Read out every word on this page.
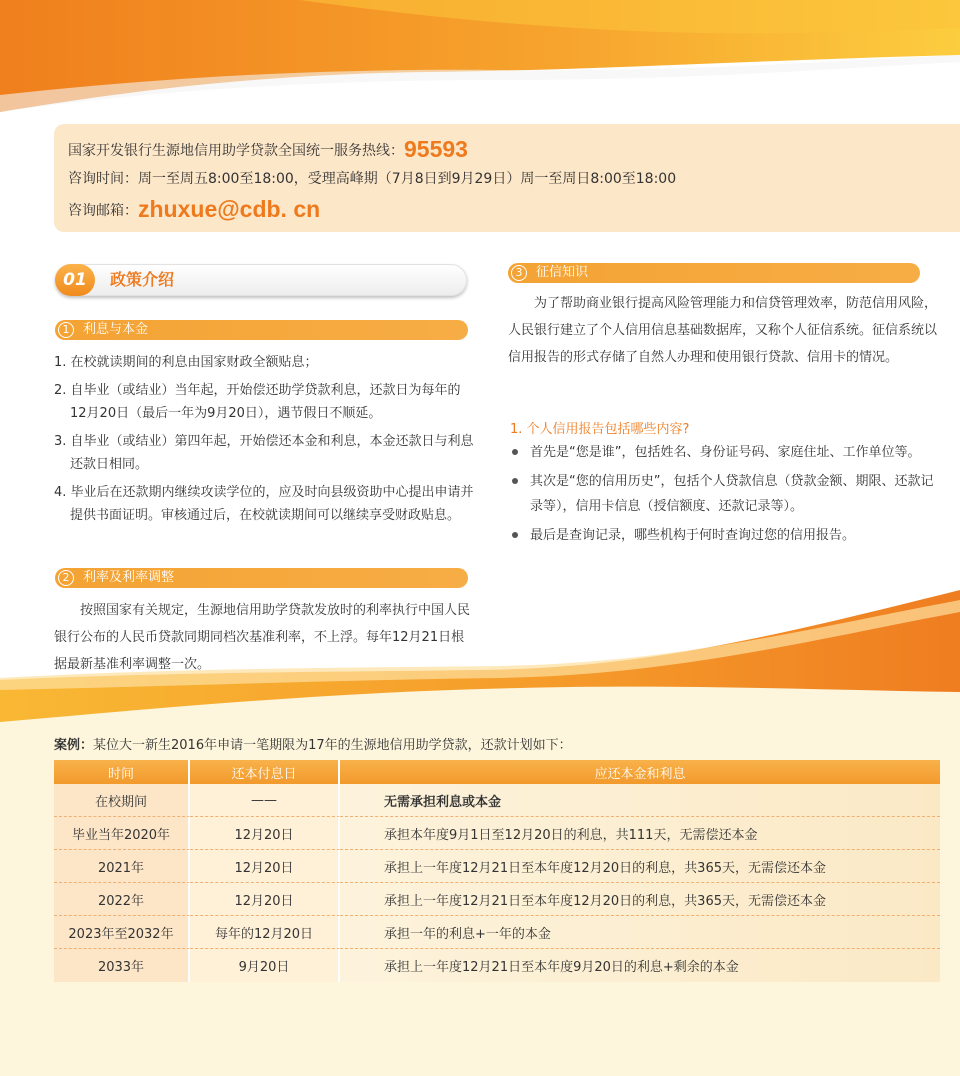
国家开发银行生源地信用助学贷款全国统一服务热线：95593
咨询时间：周一至周五8:00至18:00，受理高峰期（7月8日到9月29日）周一至周日8:00至18:00
咨询邮箱：zhuxue@cdb. cn
01	政策介绍
1	利息与本金
1. 在校就读期间的利息由国家财政全额贴息；
2. 自毕业（或结业）当年起，开始偿还助学贷款利息，还款日为每年的12月20日（最后一年为9月20日），遇节假日不顺延。
3. 自毕业（或结业）第四年起，开始偿还本金和利息，本金还款日与利息还款日相同。
4. 毕业后在还款期内继续攻读学位的，应及时向县级资助中心提出申请并提供书面证明。审核通过后，在校就读期间可以继续享受财政贴息。
2	利率及利率调整
按照国家有关规定，生源地信用助学贷款发放时的利率执行中国人民银行公布的人民币贷款同期同档次基准利率，不上浮。每年12月21日根据最新基准利率调整一次。
3	征信知识
为了帮助商业银行提高风险管理能力和信贷管理效率，防范信用风险，人民银行建立了个人信用信息基础数据库，又称个人征信系统。征信系统以信用报告的形式存储了自然人办理和使用银行贷款、信用卡的情况。
1. 个人信用报告包括哪些内容?
首先是“您是谁”，包括姓名、身份证号码、家庭住址、工作单位等。
其次是“您的信用历史”，包括个人贷款信息（贷款金额、期限、还款记录等），信用卡信息（授信额度、还款记录等）。
最后是查询记录，哪些机构于何时查询过您的信用报告。
案例：某位大一新生2016年申请一笔期限为17年的生源地信用助学贷款，还款计划如下：
时间	还本付息日	应还本金和利息
在校期间	——	无需承担利息或本金
毕业当年2020年	12月20日	承担本年度9月1日至12月20日的利息，共111天，无需偿还本金
2021年	12月20日	承担上一年度12月21日至本年度12月20日的利息，共365天，无需偿还本金
2022年	12月20日	承担上一年度12月21日至本年度12月20日的利息，共365天，无需偿还本金
2023年至2032年	每年的12月20日	承担一年的利息+一年的本金
2033年	9月20日	承担上一年度12月21日至本年度9月20日的利息+剩余的本金
